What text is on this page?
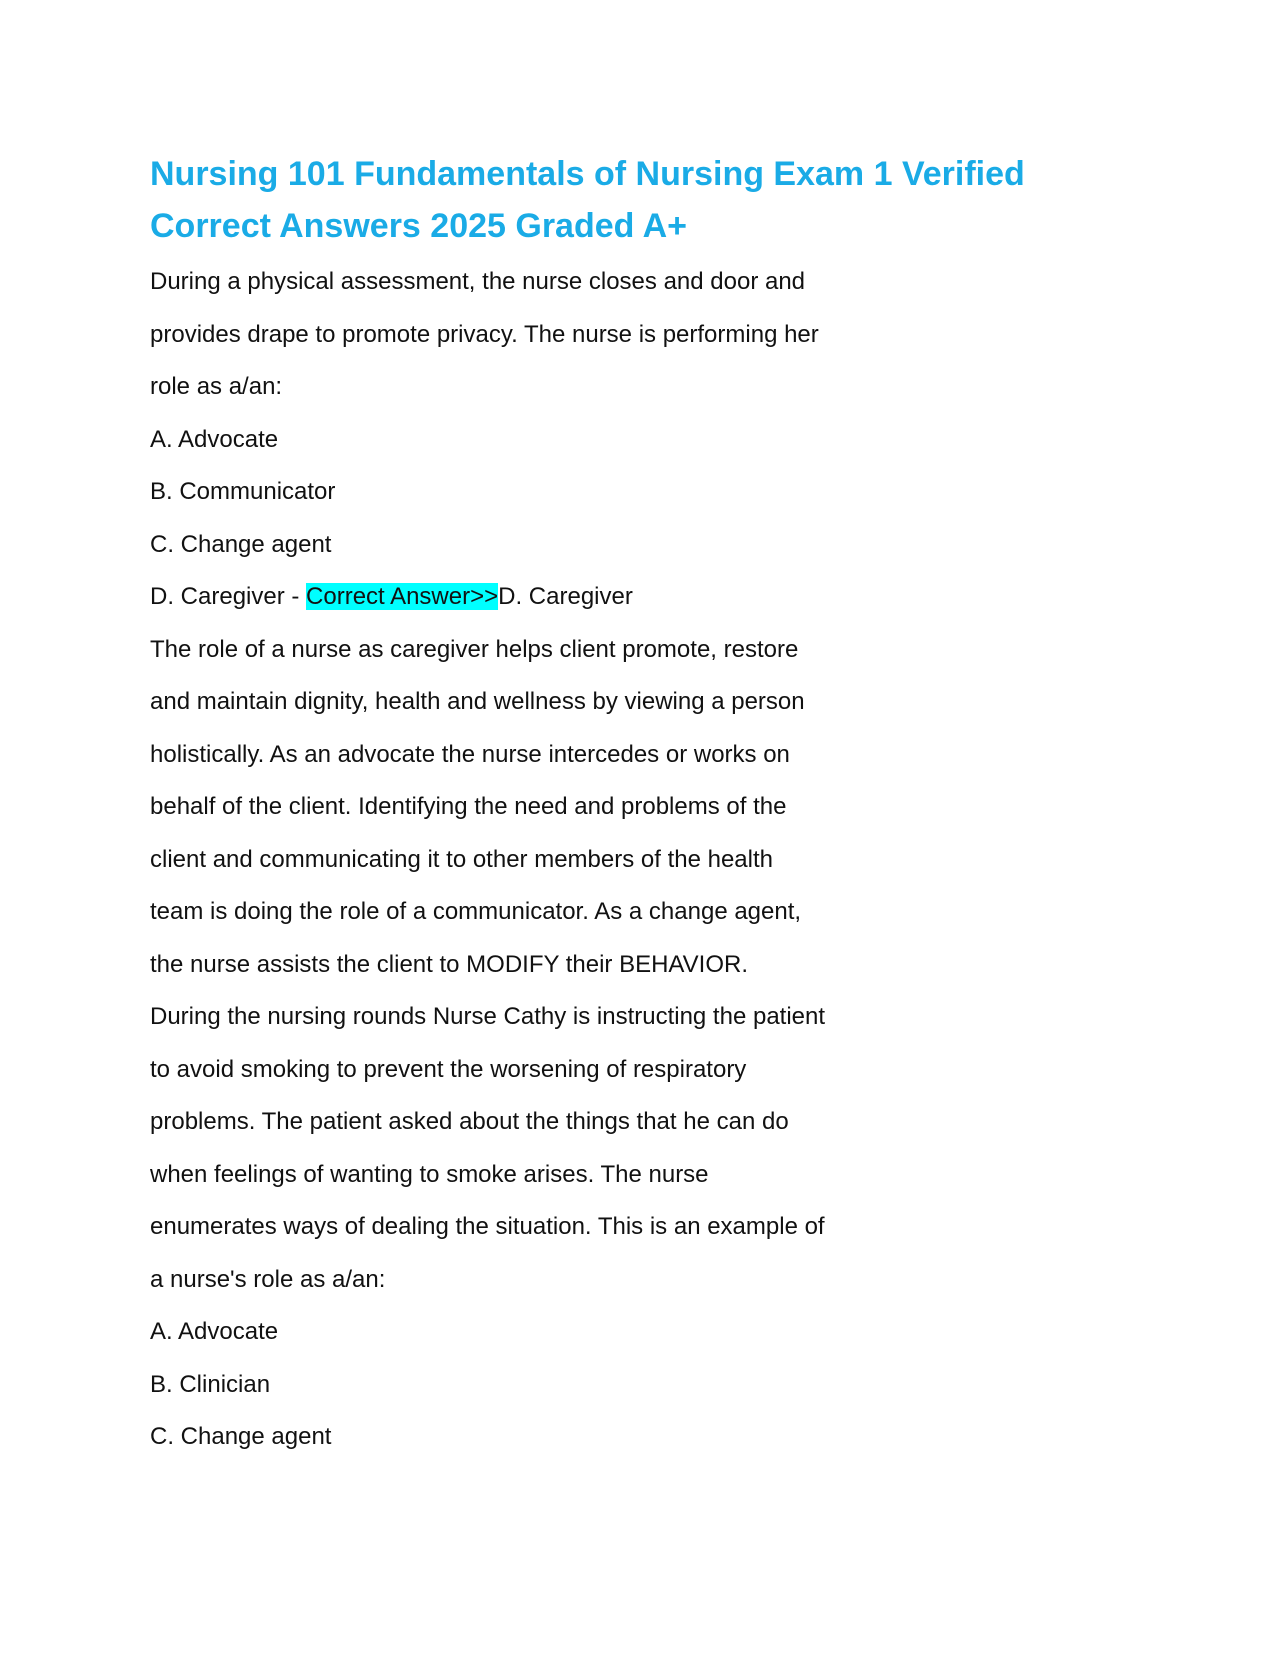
Nursing 101 Fundamentals of Nursing Exam 1 Verified
Correct Answers 2025 Graded A+

During a physical assessment, the nurse closes and door and

provides drape to promote privacy. The nurse is performing her

role as a/an:

A. Advocate

B. Communicator

C. Change agent

D. Caregiver - Correct Answer>>D. Caregiver

The role of a nurse as caregiver helps client promote, restore

and maintain dignity, health and wellness by viewing a person

holistically. As an advocate the nurse intercedes or works on

behalf of the client. Identifying the need and problems of the

client and communicating it to other members of the health

team is doing the role of a communicator. As a change agent,

the nurse assists the client to MODIFY their BEHAVIOR.

During the nursing rounds Nurse Cathy is instructing the patient

to avoid smoking to prevent the worsening of respiratory

problems. The patient asked about the things that he can do

when feelings of wanting to smoke arises. The nurse

enumerates ways of dealing the situation. This is an example of

a nurse's role as a/an:

A. Advocate

B. Clinician

C. Change agent
